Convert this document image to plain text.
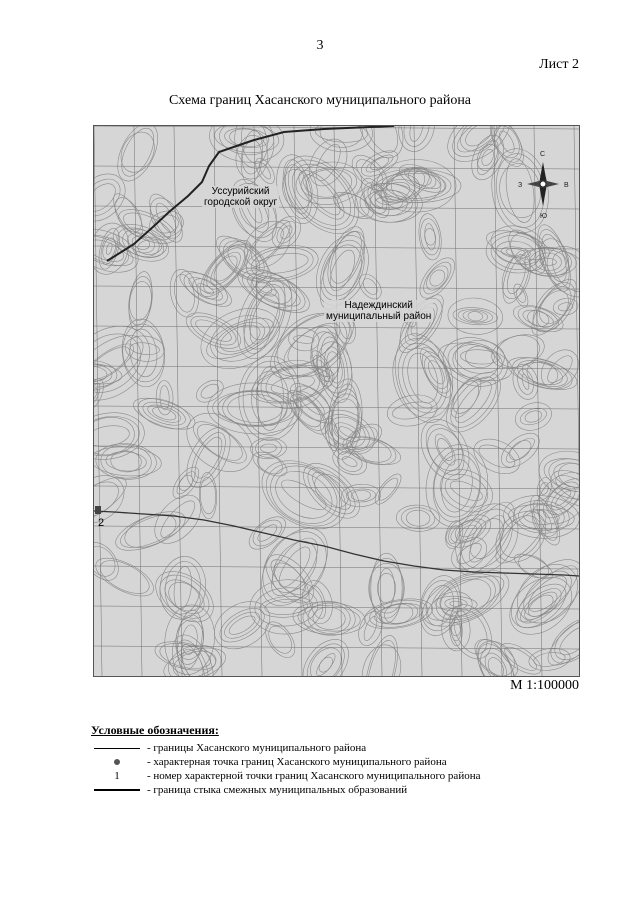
3
Лист 2
Схема границ Хасанского муниципального района
С
Ю
З	В
Уссурийский
городской округ
Надеждинский
муниципальный район
2
М 1:100000
Условные обозначения:
- границы Хасанского муниципального района
- характерная точка границ Хасанского муниципального района
1 - номер характерной точки границ Хасанского муниципального района
- граница стыка смежных муниципальных образований
